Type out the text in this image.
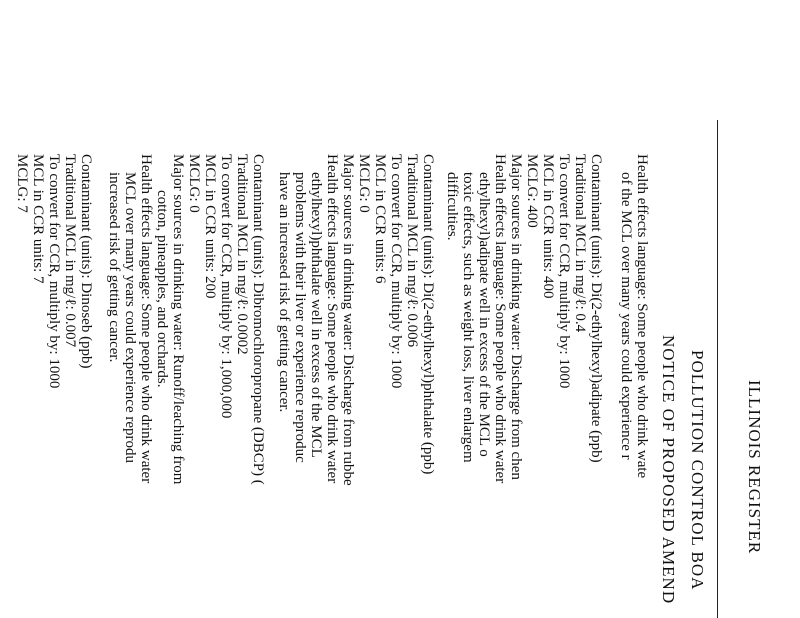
ILLINOIS REGISTER
POLLUTION CONTROL BOA
NOTICE OF PROPOSED AMEND
Health effects language: Some people who drink wate
of the MCL over many years could experience r
Contaminant (units): Di(2-ethylhexyl)adipate (ppb)
Traditional MCL in mg/ℓ: 0.4
To convert for CCR, multiply by: 1000
MCL in CCR units: 400
MCLG: 400
Major sources in drinking water: Discharge from chen
Health effects language: Some people who drink water
ethylhexyl)adipate well in excess of the MCL o
toxic effects, such as weight loss, liver enlargem
difficulties.
Contaminant (units): Di(2-ethylhexyl)phthalate (ppb)
Traditional MCL in mg/ℓ: 0.006
To convert for CCR, multiply by: 1000
MCL in CCR units: 6
MCLG: 0
Major sources in drinking water: Discharge from rubbe
Health effects language: Some people who drink water
ethylhexyl)phthalate well in excess of the MCL
problems with their liver or experience reproduc
have an increased risk of getting cancer.
Contaminant (units): Dibromochloropropane (DBCP) (
Traditional MCL in mg/ℓ: 0.0002
To convert for CCR, multiply by: 1,000,000
MCL in CCR units: 200
MCLG: 0
Major sources in drinking water: Runoff/leaching from
cotton, pineapples, and orchards.
Health effects language: Some people who drink water
MCL over many years could experience reprodu
increased risk of getting cancer.
Contaminant (units): Dinoseb (ppb)
Traditional MCL in mg/ℓ: 0.007
To convert for CCR, multiply by: 1000
MCL in CCR units: 7
MCLG: 7
